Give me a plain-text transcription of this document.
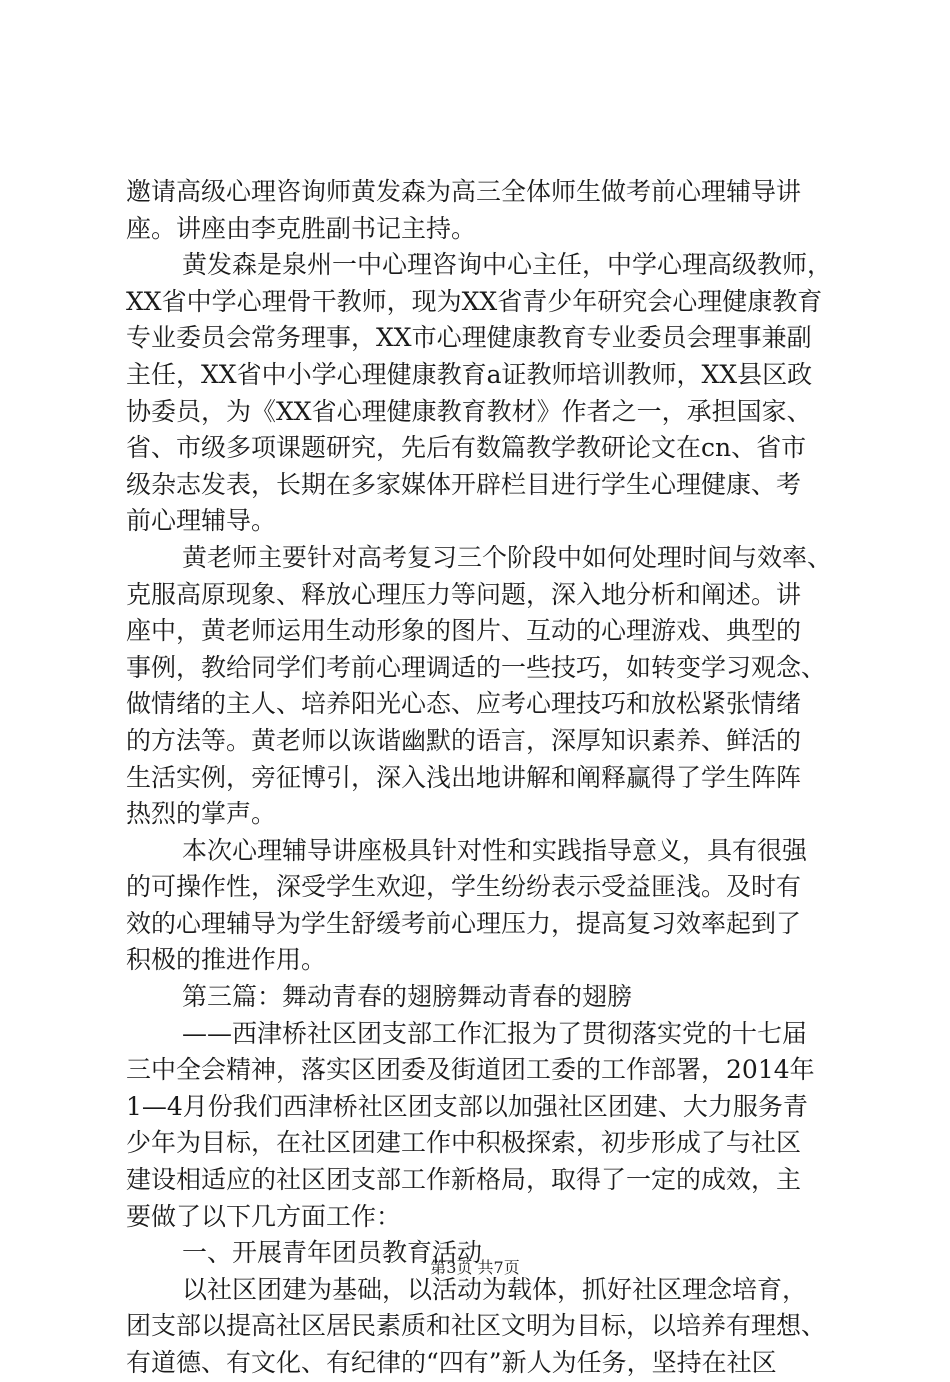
邀请高级心理咨询师黄发森为高三全体师生做考前心理辅导讲
座。讲座由李克胜副书记主持。
黄发森是泉州一中心理咨询中心主任，中学心理高级教师，
XX省中学心理骨干教师，现为XX省青少年研究会心理健康教育
专业委员会常务理事，XX市心理健康教育专业委员会理事兼副
主任，XX省中小学心理健康教育a证教师培训教师，XX县区政
协委员，为《XX省心理健康教育教材》作者之一，承担国家、
省、市级多项课题研究，先后有数篇教学教研论文在cn、省市
级杂志发表，长期在多家媒体开辟栏目进行学生心理健康、考
前心理辅导。
黄老师主要针对高考复习三个阶段中如何处理时间与效率、
克服高原现象、释放心理压力等问题，深入地分析和阐述。讲
座中，黄老师运用生动形象的图片、互动的心理游戏、典型的
事例，教给同学们考前心理调适的一些技巧，如转变学习观念、
做情绪的主人、培养阳光心态、应考心理技巧和放松紧张情绪
的方法等。黄老师以诙谐幽默的语言，深厚知识素养、鲜活的
生活实例，旁征博引，深入浅出地讲解和阐释赢得了学生阵阵
热烈的掌声。
本次心理辅导讲座极具针对性和实践指导意义，具有很强
的可操作性，深受学生欢迎，学生纷纷表示受益匪浅。及时有
效的心理辅导为学生舒缓考前心理压力，提高复习效率起到了
积极的推进作用。
第三篇：舞动青春的翅膀舞动青春的翅膀
——西津桥社区团支部工作汇报为了贯彻落实党的十七届
三中全会精神，落实区团委及街道团工委的工作部署，2014年
1—4月份我们西津桥社区团支部以加强社区团建、大力服务青
少年为目标，在社区团建工作中积极探索，初步形成了与社区
建设相适应的社区团支部工作新格局，取得了一定的成效，主
要做了以下几方面工作：
一、开展青年团员教育活动
以社区团建为基础，以活动为载体，抓好社区理念培育，
团支部以提高社区居民素质和社区文明为目标，以培养有理想、
有道德、有文化、有纪律的“四有”新人为任务，坚持在社区
第3页 共7页
